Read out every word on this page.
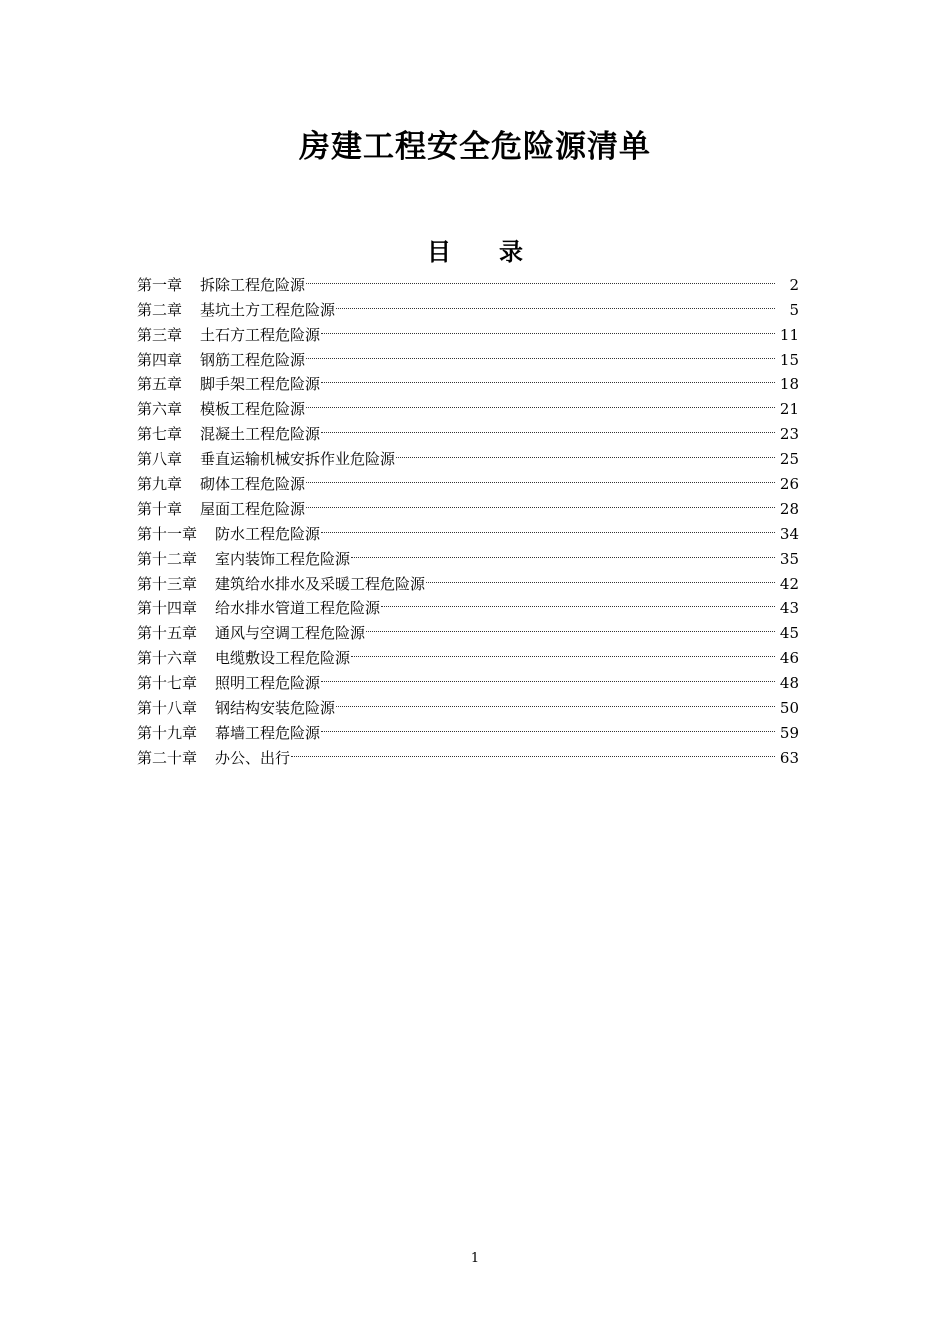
房建工程安全危险源清单
目　　录
第一章 拆除工程危险源	2
第二章 基坑土方工程危险源	5
第三章 土石方工程危险源	11
第四章 钢筋工程危险源	15
第五章 脚手架工程危险源	18
第六章 模板工程危险源	21
第七章 混凝土工程危险源	23
第八章 垂直运输机械安拆作业危险源	25
第九章 砌体工程危险源	26
第十章 屋面工程危险源	28
第十一章 防水工程危险源	34
第十二章 室内装饰工程危险源	35
第十三章 建筑给水排水及采暖工程危险源	42
第十四章 给水排水管道工程危险源	43
第十五章 通风与空调工程危险源	45
第十六章 电缆敷设工程危险源	46
第十七章 照明工程危险源	48
第十八章 钢结构安装危险源	50
第十九章 幕墙工程危险源	59
第二十章 办公、出行	63
1
